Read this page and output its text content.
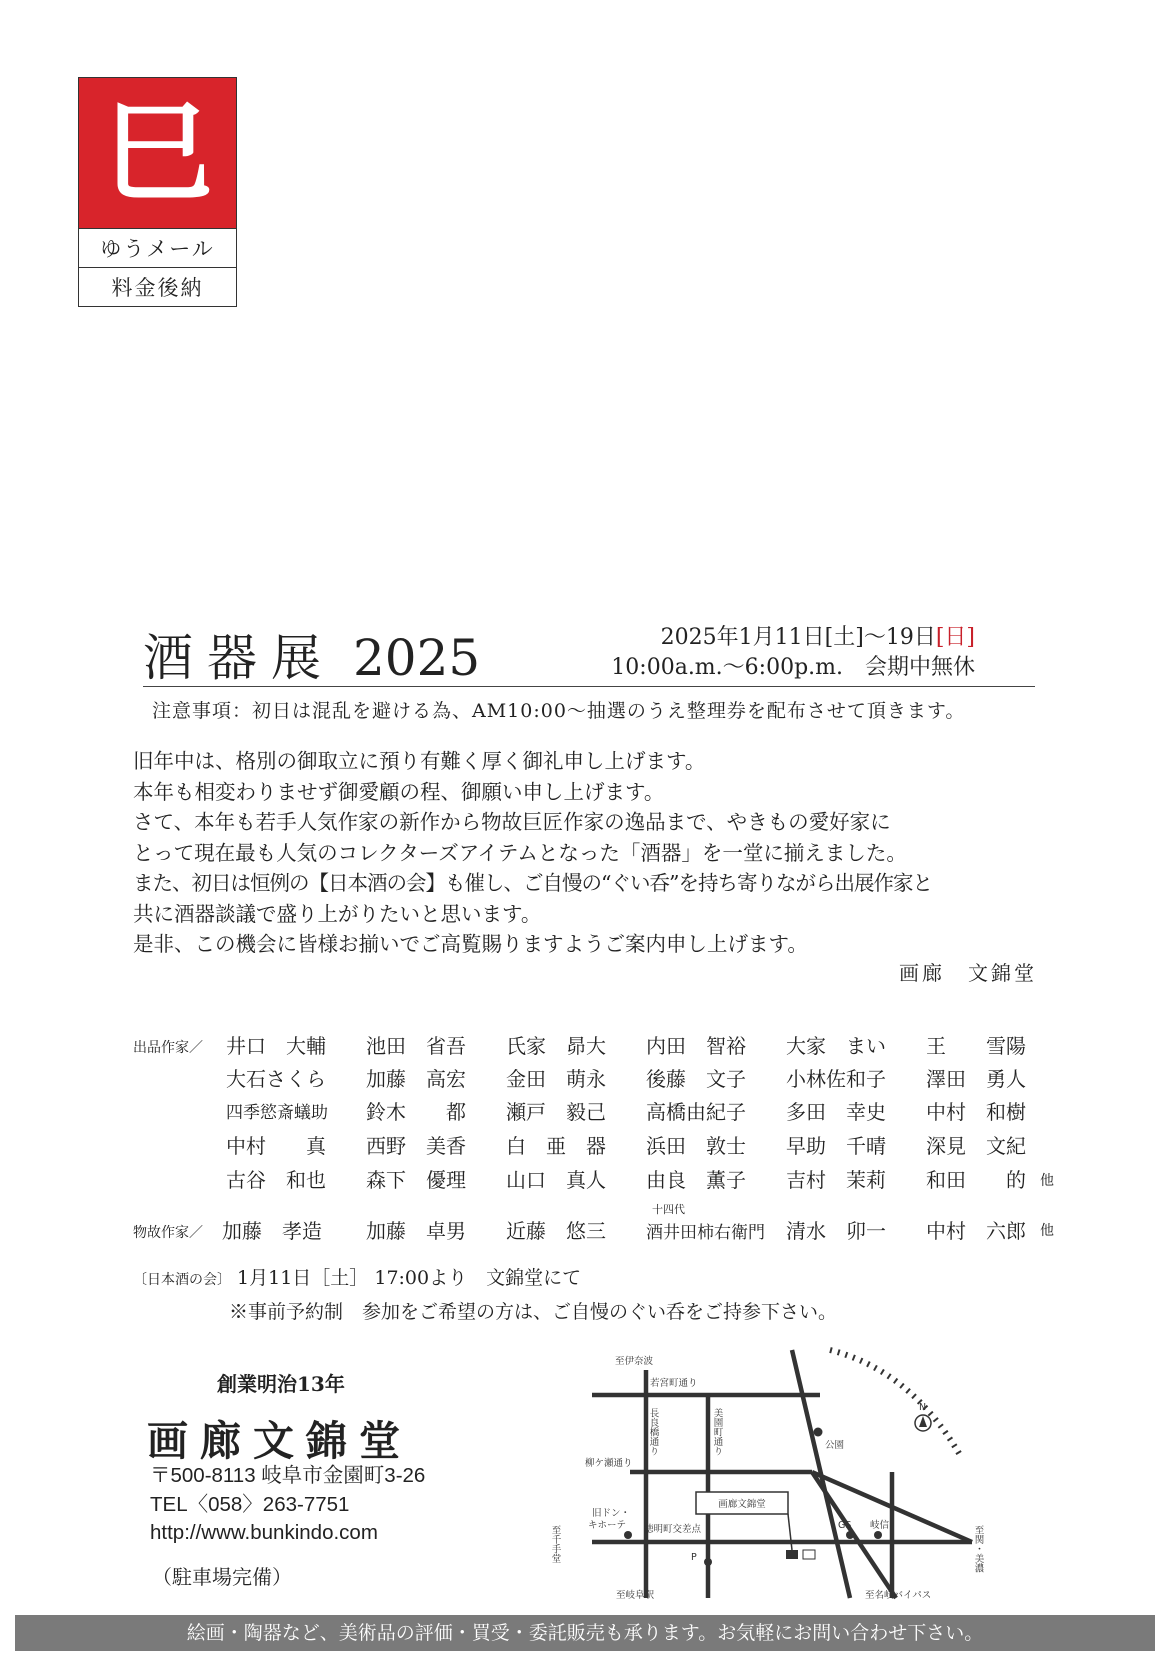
巳
ゆうメール
料金後納
酒器展 2025	2025年1月11日[土]～19日[日]
10:00a.m.～6:00p.m.　会期中無休
注意事項：初日は混乱を避ける為、AM10:00～抽選のうえ整理券を配布させて頂きます。

旧年中は、格別の御取立に預り有難く厚く御礼申し上げます。

本年も相変わりませず御愛顧の程、御願い申し上げます。

さて、本年も若手人気作家の新作から物故巨匠作家の逸品まで、やきもの愛好家に

とって現在最も人気のコレクターズアイテムとなった「酒器」を一堂に揃えました。

また、初日は恒例の【日本酒の会】も催し、ご自慢の“ぐい呑”を持ち寄りながら出展作家と

共に酒器談議で盛り上がりたいと思います。

是非、この機会に皆様お揃いでご高覧賜りますようご案内申し上げます。

画廊　文錦堂
出品作家／ 井口　大輔 池田　省吾 氏家　昴大 内田　智裕 大家　まい 王　　雪陽
大石さくら 加藤　高宏 金田　萌永 後藤　文子 小林佐和子 澤田　勇人
四季慾斎蟻助 鈴木　　都 瀬戸　毅己 高橋由紀子 多田　幸史 中村　和樹
中村　　真 西野　美香 白　亜　器 浜田　敦士 早助　千晴 深見　文紀
古谷　和也 森下　優理 山口　真人 由良　薫子 吉村　茉莉 和田　　的 他
物故作家／ 加藤　孝造 加藤　卓男 近藤　悠三 酒井田柿右衛門 清水　卯一 中村　六郎 他
十四代
〔日本酒の会〕 1月11日［土］ 17:00より　文錦堂にて
※事前予約制　参加をご希望の方は、ご自慢のぐい呑をご持参下さい。
創業明治13年
画廊文錦堂
〒500-8113 岐阜市金園町3-26
TEL〈058〉263-7751
http://www.bunkindo.com
（駐車場完備）
至伊奈波
若宮町通り
長良橋通り	美園町通り	公園
柳ケ瀬通り
画廊文錦堂
旧ドン・
キホーテ 徳明町交差点	GS 岐信
至千手堂	至関・美濃
至岐阜駅	至名岐バイパス
N
P
絵画・陶器など、美術品の評価・買受・委託販売も承ります。お気軽にお問い合わせ下さい。
